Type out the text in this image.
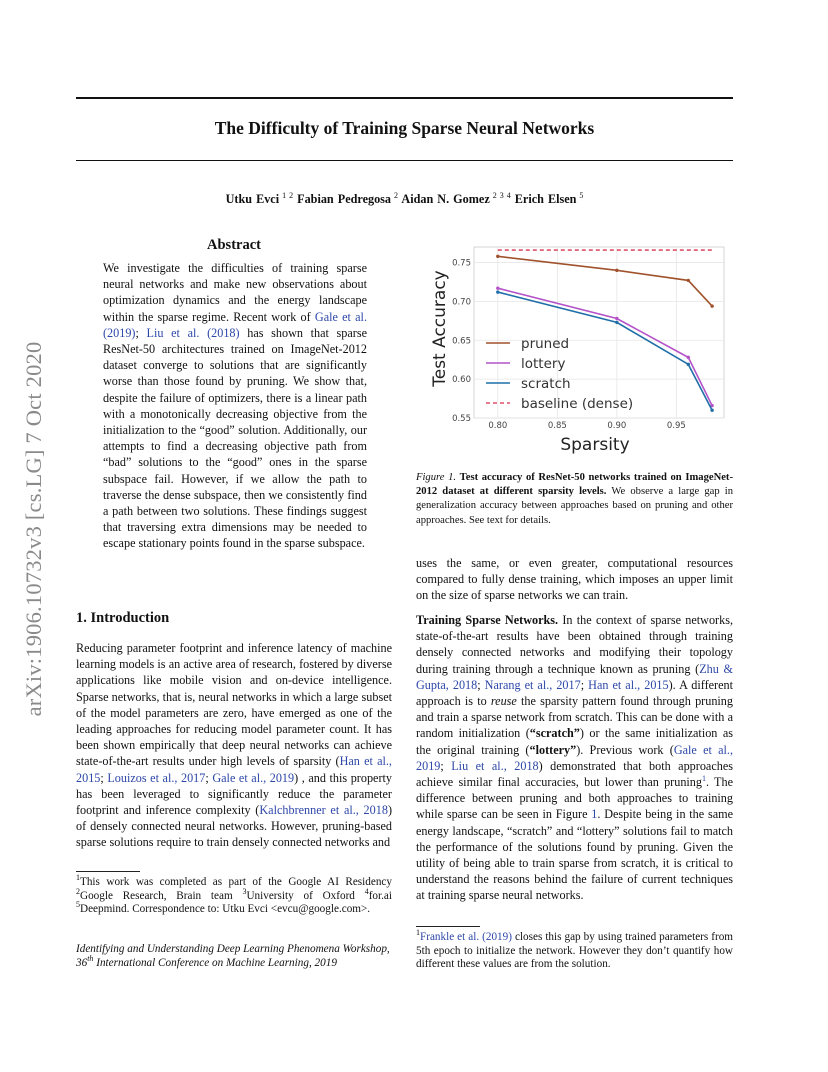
The Difficulty of Training Sparse Neural Networks
Utku Evci $^{1 2}$ Fabian Pedregosa $^2$ Aidan N. Gomez $^{2 3 4}$ Erich Elsen $^5$
arXiv:1906.10732v3 [cs.LG] 7 Oct 2020
Abstract

We investigate the difficulties of training sparse neural networks and make new observations about optimization dynamics and the energy landscape within the sparse regime. Recent work of Gale et al. (2019); Liu et al. (2018) has shown that sparse ResNet-50 architectures trained on ImageNet-2012 dataset converge to solutions that are significantly worse than those found by pruning. We show that, despite the failure of optimizers, there is a linear path with a monotonically decreasing objective from the initialization to the “good” solution. Additionally, our attempts to find a decreasing objective path from “bad” solutions to the “good” ones in the sparse subspace fail. However, if we allow the path to traverse the dense subspace, then we consistently find a path between two solutions. These findings suggest that traversing extra dimensions may be needed to escape stationary points found in the sparse subspace.

1. Introduction

Reducing parameter footprint and inference latency of machine learning models is an active area of research, fostered by diverse applications like mobile vision and on-device intelligence. Sparse networks, that is, neural networks in which a large subset of the model parameters are zero, have emerged as one of the leading approaches for reducing model parameter count. It has been shown empirically that deep neural networks can achieve state-of-the-art results under high levels of sparsity (Han et al., 2015; Louizos et al., 2017; Gale et al., 2019) , and this property has been leveraged to significantly reduce the parameter footprint and inference complexity (Kalchbrenner et al., 2018) of densely connected neural networks. However, pruning-based sparse solutions require to train densely connected networks and

$^1$This work was completed as part of the Google AI Residency $^2$Google Research, Brain team $^3$University of Oxford $^4$for.ai $^5$Deepmind. Correspondence to: Utku Evci <evcu@google.com>.

Identifying and Understanding Deep Learning Phenomena Workshop, 36th International Conference on Machine Learning, 2019

0.80	0.85	0.90	0.95
0.55
0.60
0.65
0.70
0.75
Sparsity
Test Accuracy	pruned
lottery
scratch
baseline (dense)

Figure 1. Test accuracy of ResNet-50 networks trained on ImageNet-2012 dataset at different sparsity levels. We observe a large gap in generalization accuracy between approaches based on pruning and other approaches. See text for details.

uses the same, or even greater, computational resources compared to fully dense training, which imposes an upper limit on the size of sparse networks we can train.

Training Sparse Networks. In the context of sparse networks, state-of-the-art results have been obtained through training densely connected networks and modifying their topology during training through a technique known as pruning (Zhu & Gupta, 2018; Narang et al., 2017; Han et al., 2015). A different approach is to reuse the sparsity pattern found through pruning and train a sparse network from scratch. This can be done with a random initialization (“scratch”) or the same initialization as the original training (“lottery”). Previous work (Gale et al., 2019; Liu et al., 2018) demonstrated that both approaches achieve similar final accuracies, but lower than pruning$^1$. The difference between pruning and both approaches to training while sparse can be seen in Figure 1. Despite being in the same energy landscape, “scratch” and “lottery” solutions fail to match the performance of the solutions found by pruning. Given the utility of being able to train sparse from scratch, it is critical to understand the reasons behind the failure of current techniques at training sparse neural networks.

$^1$Frankle et al. (2019) closes this gap by using trained parameters from 5th epoch to initialize the network. However they don’t quantify how different these values are from the solution.
